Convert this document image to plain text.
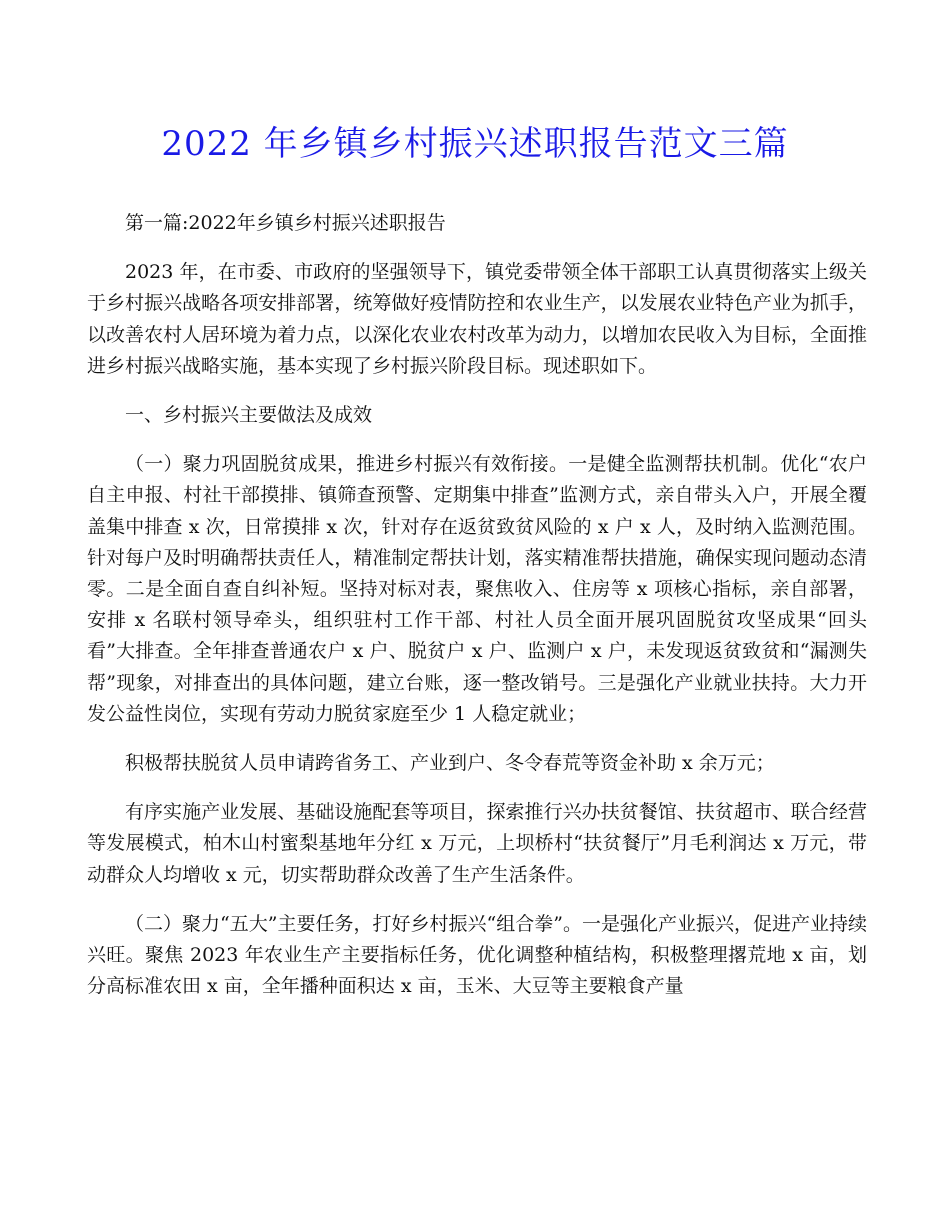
2022 年乡镇乡村振兴述职报告范文三篇

第一篇:2022年乡镇乡村振兴述职报告

2023 年，在市委、市政府的坚强领导下，镇党委带领全体干部职工认真贯彻落实上级关于乡村振兴战略各项安排部署，统筹做好疫情防控和农业生产，以发展农业特色产业为抓手，以改善农村人居环境为着力点，以深化农业农村改革为动力，以增加农民收入为目标，全面推进乡村振兴战略实施，基本实现了乡村振兴阶段目标。现述职如下。

一、乡村振兴主要做法及成效

（一）聚力巩固脱贫成果，推进乡村振兴有效衔接。一是健全监测帮扶机制。优化“农户自主申报、村社干部摸排、镇筛查预警、定期集中排查”监测方式，亲自带头入户，开展全覆盖集中排查 x 次，日常摸排 x 次，针对存在返贫致贫风险的 x 户 x 人，及时纳入监测范围。针对每户及时明确帮扶责任人，精准制定帮扶计划，落实精准帮扶措施，确保实现问题动态清零。二是全面自查自纠补短。坚持对标对表，聚焦收入、住房等 x 项核心指标，亲自部署，安排 x 名联村领导牵头，组织驻村工作干部、村社人员全面开展巩固脱贫攻坚成果“回头看”大排查。全年排查普通农户 x 户、脱贫户 x 户、监测户 x 户，未发现返贫致贫和“漏测失帮”现象，对排查出的具体问题，建立台账，逐一整改销号。三是强化产业就业扶持。大力开发公益性岗位，实现有劳动力脱贫家庭至少 1 人稳定就业；

积极帮扶脱贫人员申请跨省务工、产业到户、冬令春荒等资金补助 x 余万元；

有序实施产业发展、基础设施配套等项目，探索推行兴办扶贫餐馆、扶贫超市、联合经营等发展模式，柏木山村蜜梨基地年分红 x 万元，上坝桥村“扶贫餐厅”月毛利润达 x 万元，带动群众人均增收 x 元，切实帮助群众改善了生产生活条件。

（二）聚力“五大”主要任务，打好乡村振兴“组合拳”。一是强化产业振兴，促进产业持续兴旺。聚焦 2023 年农业生产主要指标任务，优化调整种植结构，积极整理撂荒地 x 亩，划分高标准农田 x 亩，全年播种面积达 x 亩，玉米、大豆等主要粮食产量
